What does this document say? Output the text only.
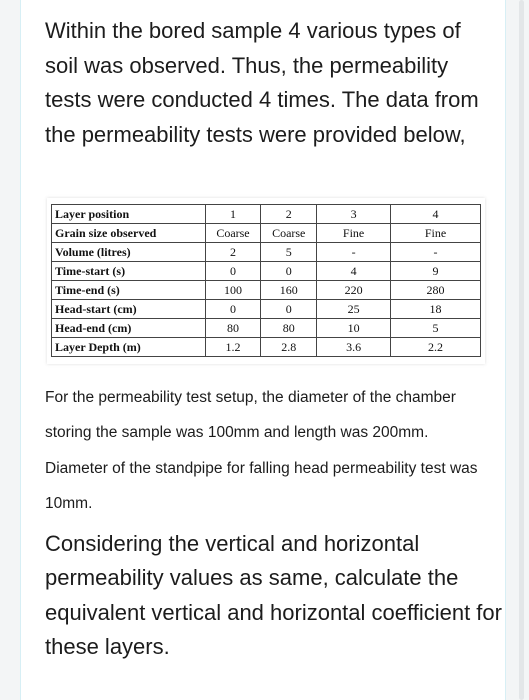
Within the bored sample 4 various types of soil was observed. Thus, the permeability tests were conducted 4 times. The data from the permeability tests were provided below,

Layer position	1	2	3	4
Grain size observed	Coarse	Coarse	Fine	Fine
Volume (litres)	2	5	-	-
Time-start (s)	0	0	4	9
Time-end (s)	100	160	220	280
Head-start (cm)	0	0	25	18
Head-end (cm)	80	80	10	5
Layer Depth (m)	1.2	2.8	3.6	2.2

For the permeability test setup, the diameter of the chamber storing the sample was 100mm and length was 200mm. Diameter of the standpipe for falling head permeability test was 10mm.

Considering the vertical and horizontal permeability values as same, calculate the equivalent vertical and horizontal coefficient for these layers.
